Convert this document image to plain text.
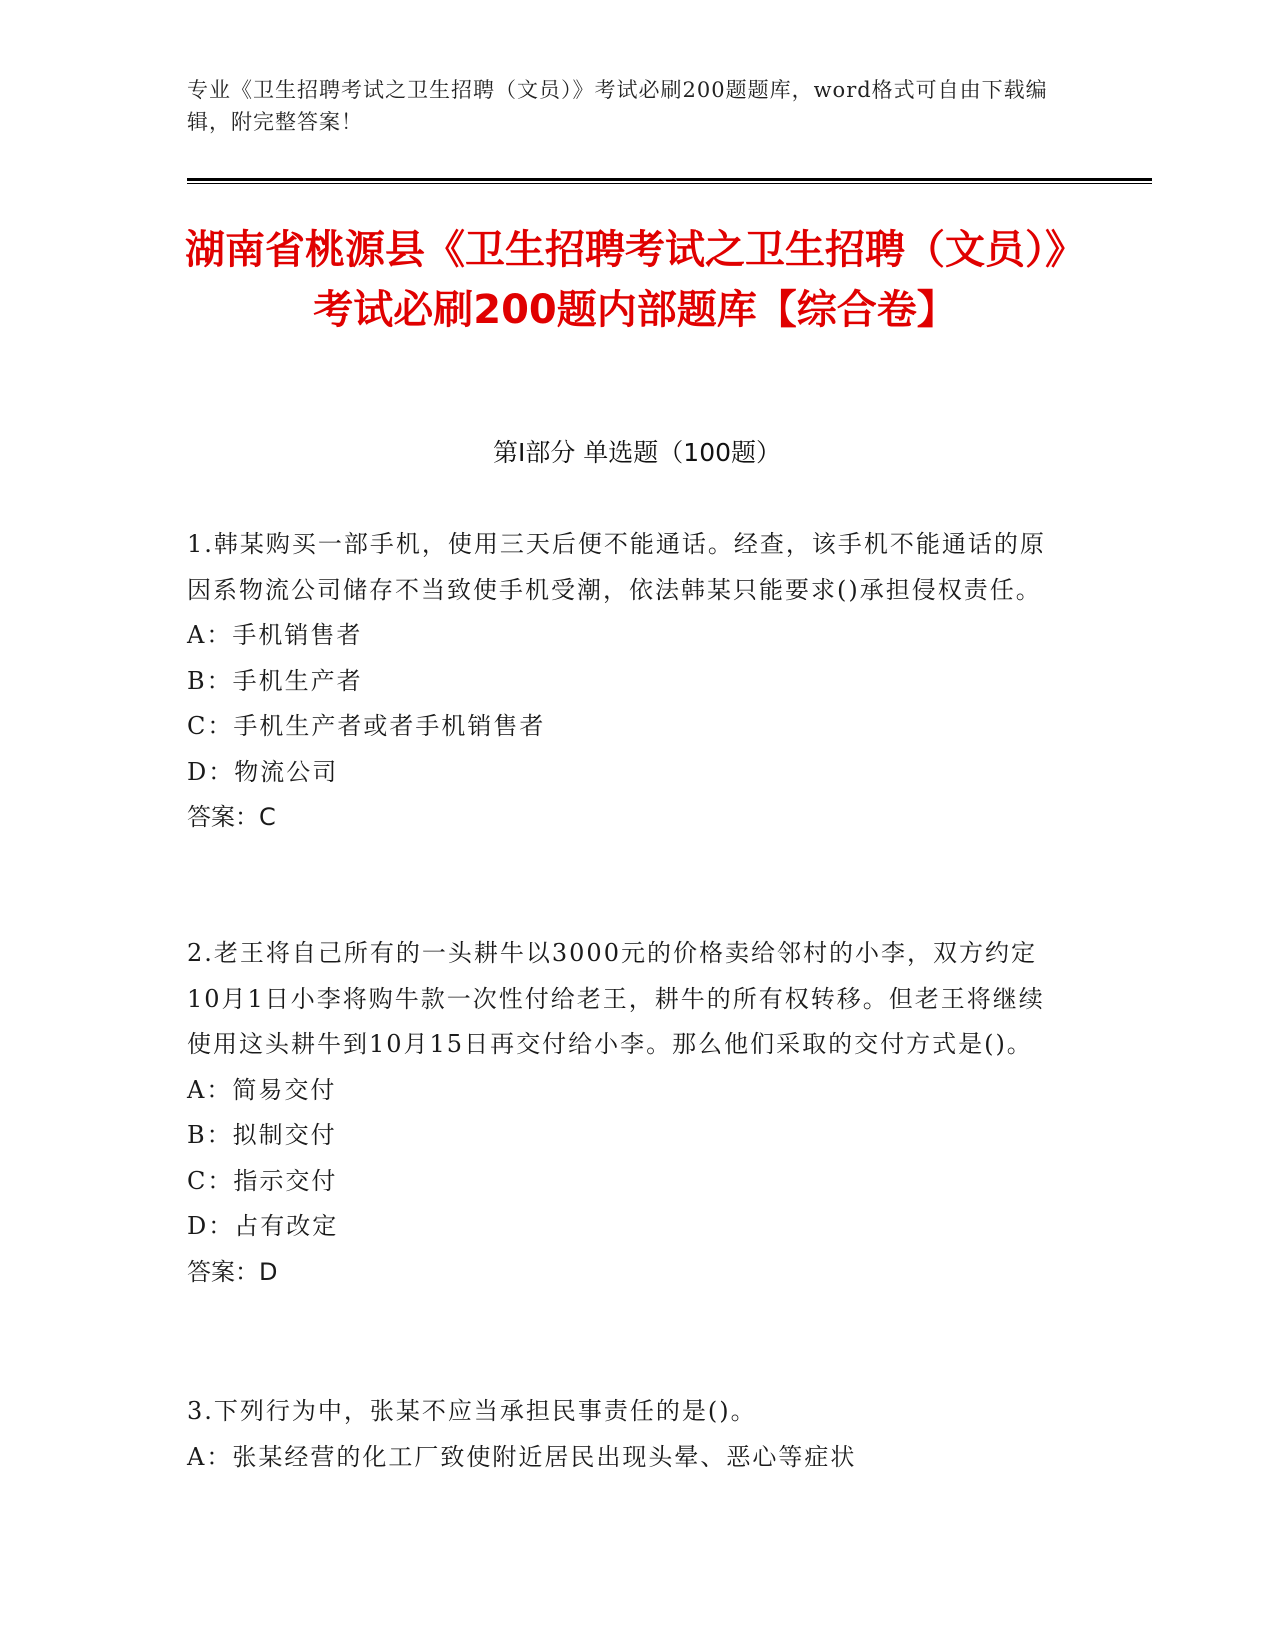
专业《卫生招聘考试之卫生招聘（文员）》考试必刷200题题库，word格式可自由下载编辑，附完整答案！
湖南省桃源县《卫生招聘考试之卫生招聘（文员）》考试必刷200题内部题库【综合卷】
第Ⅰ部分 单选题（100题）

1.韩某购买一部手机，使用三天后便不能通话。经查，该手机不能通话的原因系物流公司储存不当致使手机受潮，依法韩某只能要求()承担侵权责任。

A：手机销售者

B：手机生产者

C：手机生产者或者手机销售者

D：物流公司

答案：C

2.老王将自己所有的一头耕牛以3000元的价格卖给邻村的小李，双方约定10月1日小李将购牛款一次性付给老王，耕牛的所有权转移。但老王将继续使用这头耕牛到10月15日再交付给小李。那么他们采取的交付方式是()。

A：简易交付

B：拟制交付

C：指示交付

D：占有改定

答案：D

3.下列行为中，张某不应当承担民事责任的是()。

A：张某经营的化工厂致使附近居民出现头晕、恶心等症状
